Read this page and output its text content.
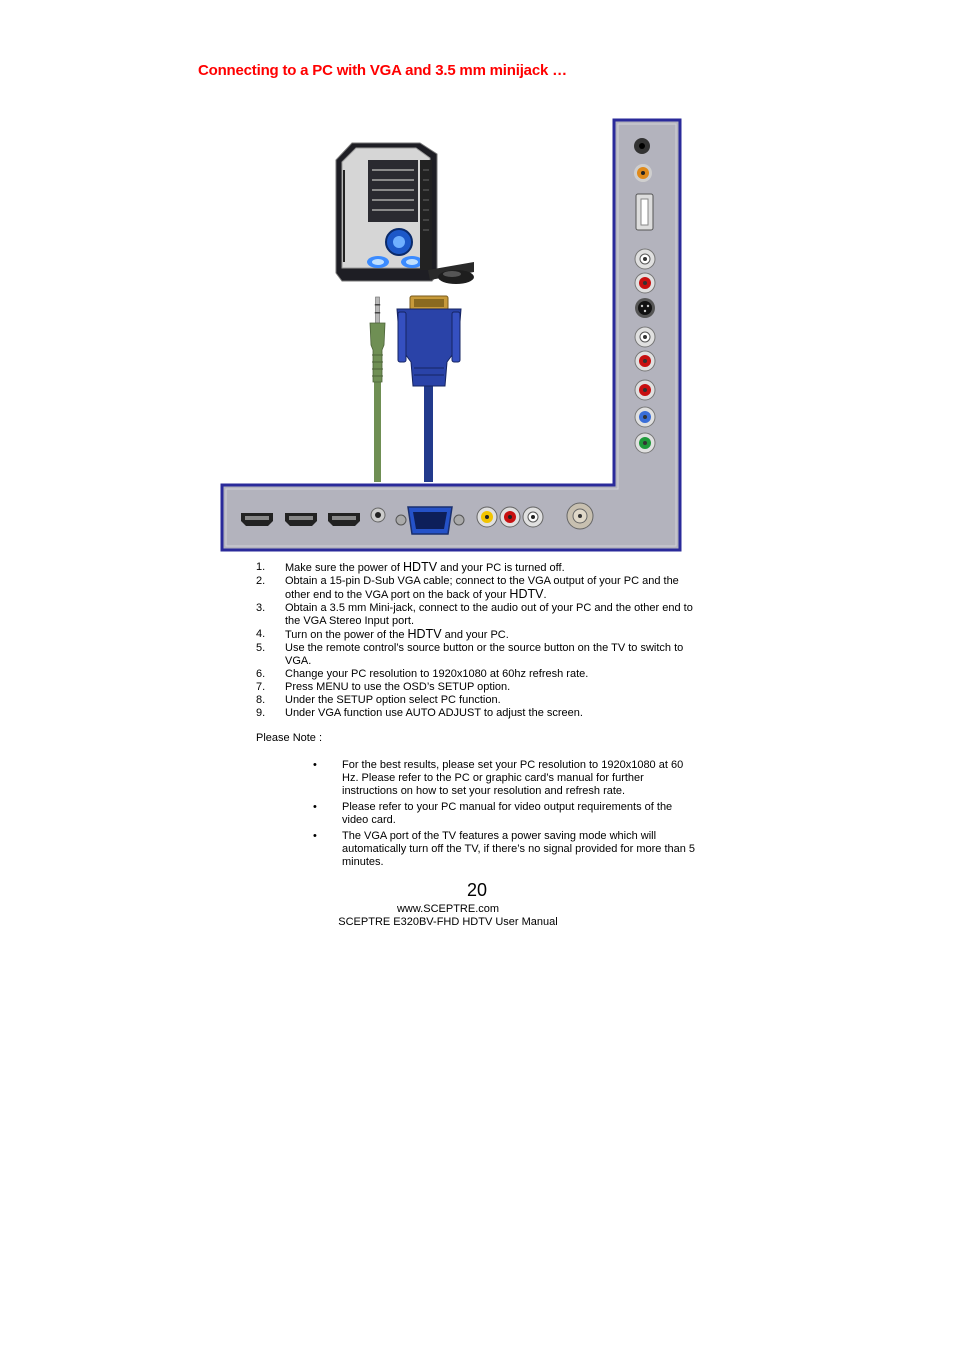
Connecting to a PC with VGA and 3.5 mm minijack …
1. Make sure the power of HDTV and your PC is turned off.
2. Obtain a 15-pin D-Sub VGA cable; connect to the VGA output of your PC and the other end to the VGA port on the back of your HDTV.
3. Obtain a 3.5 mm Mini-jack, connect to the audio out of your PC and the other end to the VGA Stereo Input port.
4. Turn on the power of the HDTV and your PC.
5. Use the remote control’s source button or the source button on the TV to switch to VGA.
6. Change your PC resolution to 1920x1080 at 60hz refresh rate.
7. Press MENU to use the OSD’s SETUP option.
8. Under the SETUP option select PC function.
9. Under VGA function use AUTO ADJUST to adjust the screen.
Please Note :
• For the best results, please set your PC resolution to 1920x1080 at 60 Hz. Please refer to the PC or graphic card’s manual for further instructions on how to set your resolution and refresh rate.
• Please refer to your PC manual for video output requirements of the video card.
• The VGA port of the TV features a power saving mode which will automatically turn off the TV, if there’s no signal provided for more than 5 minutes.
20
www.SCEPTRE.com
SCEPTRE E320BV-FHD HDTV User Manual
